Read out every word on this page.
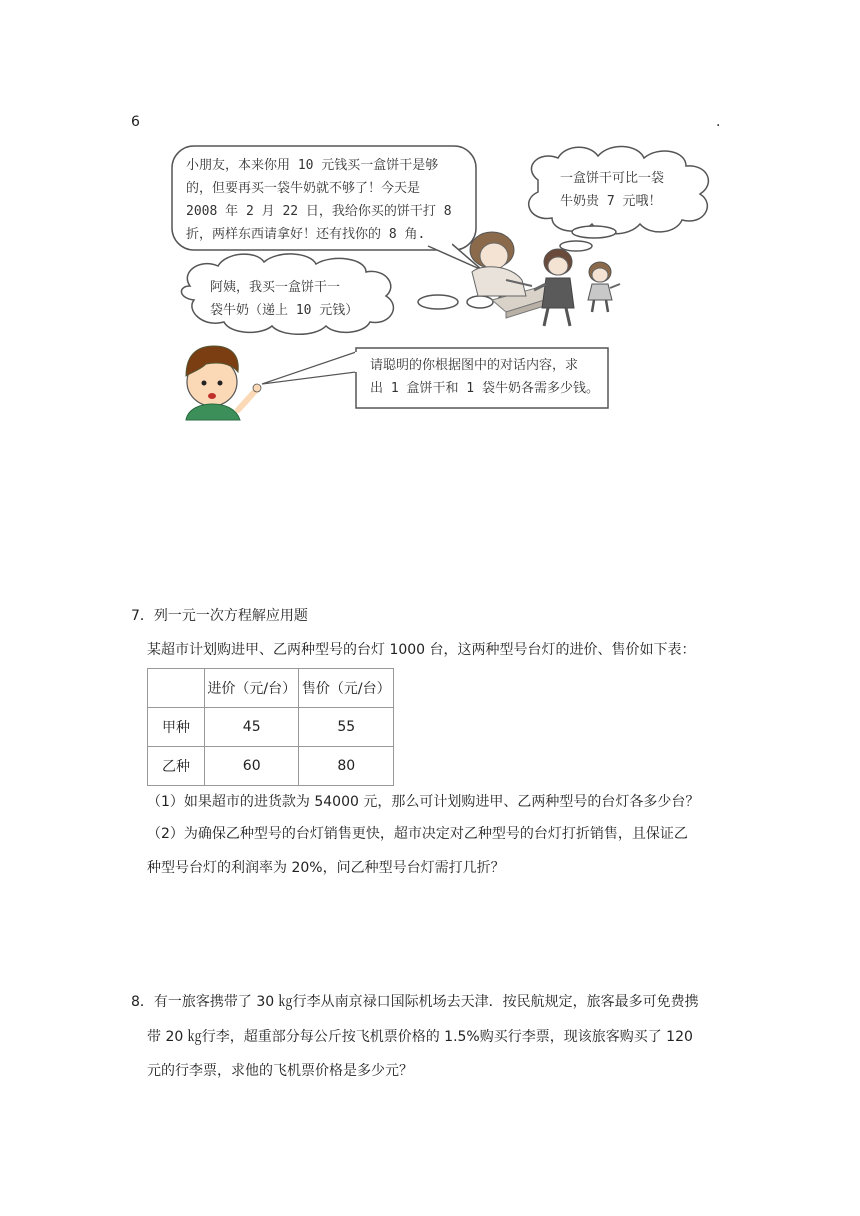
6	.
小朋友，本来你用 10 元钱买一盒饼干是够
的，但要再买一袋牛奶就不够了！今天是
2008 年 2 月 22 日，我给你买的饼干打 8
折，两样东西请拿好！还有找你的 8 角.
一盒饼干可比一袋
牛奶贵 7 元哦！
阿姨，我买一盒饼干一
袋牛奶（递上 10 元钱）
请聪明的你根据图中的对话内容，求
出 1 盒饼干和 1 袋牛奶各需多少钱。
7．列一元一次方程解应用题
某超市计划购进甲、乙两种型号的台灯 1000 台，这两种型号台灯的进价、售价如下表：
	进价（元/台）	售价（元/台）
甲种	45	55
乙种	60	80
（1）如果超市的进货款为 54000 元，那么可计划购进甲、乙两种型号的台灯各多少台？
（2）为确保乙种型号的台灯销售更快，超市决定对乙种型号的台灯打折销售，且保证乙
种型号台灯的利润率为 20%，问乙种型号台灯需打几折？
8．有一旅客携带了 30 ㎏行李从南京禄口国际机场去天津．按民航规定，旅客最多可免费携
带 20 ㎏行李，超重部分每公斤按飞机票价格的 1.5%购买行李票，现该旅客购买了 120
元的行李票，求他的飞机票价格是多少元？
